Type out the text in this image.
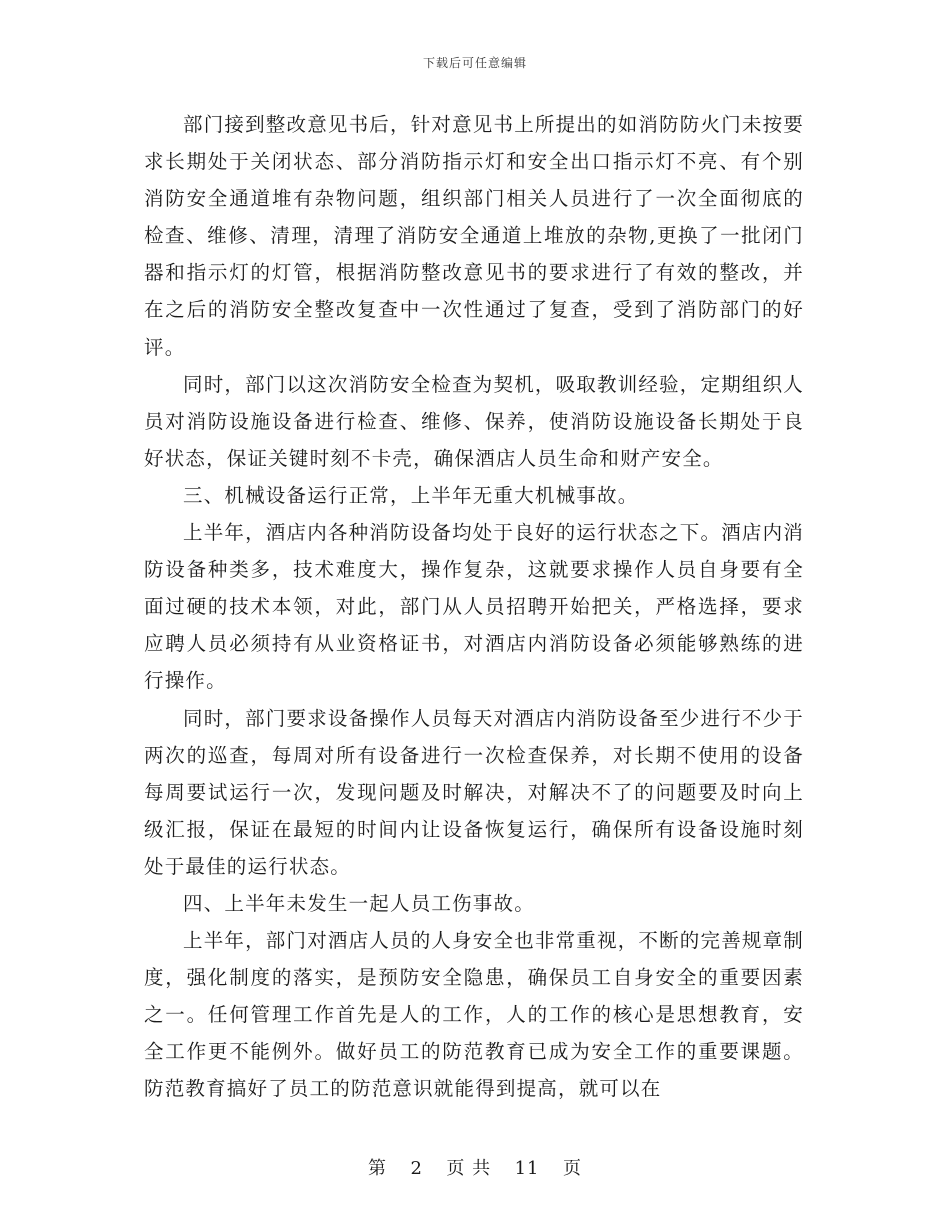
下载后可任意编辑

部门接到整改意见书后，针对意见书上所提出的如消防防火门未按要求长期处于关闭状态、部分消防指示灯和安全出口指示灯不亮、有个别消防安全通道堆有杂物问题，组织部门相关人员进行了一次全面彻底的检查、维修、清理，清理了消防安全通道上堆放的杂物,更换了一批闭门器和指示灯的灯管，根据消防整改意见书的要求进行了有效的整改，并在之后的消防安全整改复查中一次性通过了复查，受到了消防部门的好评。

同时，部门以这次消防安全检查为契机，吸取教训经验，定期组织人员对消防设施设备进行检查、维修、保养，使消防设施设备长期处于良好状态，保证关键时刻不卡壳，确保酒店人员生命和财产安全。

三、机械设备运行正常，上半年无重大机械事故。

上半年，酒店内各种消防设备均处于良好的运行状态之下。酒店内消防设备种类多，技术难度大，操作复杂，这就要求操作人员自身要有全面过硬的技术本领，对此，部门从人员招聘开始把关，严格选择，要求应聘人员必须持有从业资格证书，对酒店内消防设备必须能够熟练的进行操作。

同时，部门要求设备操作人员每天对酒店内消防设备至少进行不少于两次的巡查，每周对所有设备进行一次检查保养，对长期不使用的设备每周要试运行一次，发现问题及时解决，对解决不了的问题要及时向上级汇报，保证在最短的时间内让设备恢复运行，确保所有设备设施时刻处于最佳的运行状态。

四、上半年未发生一起人员工伤事故。

上半年，部门对酒店人员的人身安全也非常重视，不断的完善规章制度，强化制度的落实，是预防安全隐患，确保员工自身安全的重要因素之一。任何管理工作首先是人的工作，人的工作的核心是思想教育，安全工作更不能例外。做好员工的防范教育已成为安全工作的重要课题。防范教育搞好了员工的防范意识就能得到提高，就可以在

第 2 页 共 11 页
